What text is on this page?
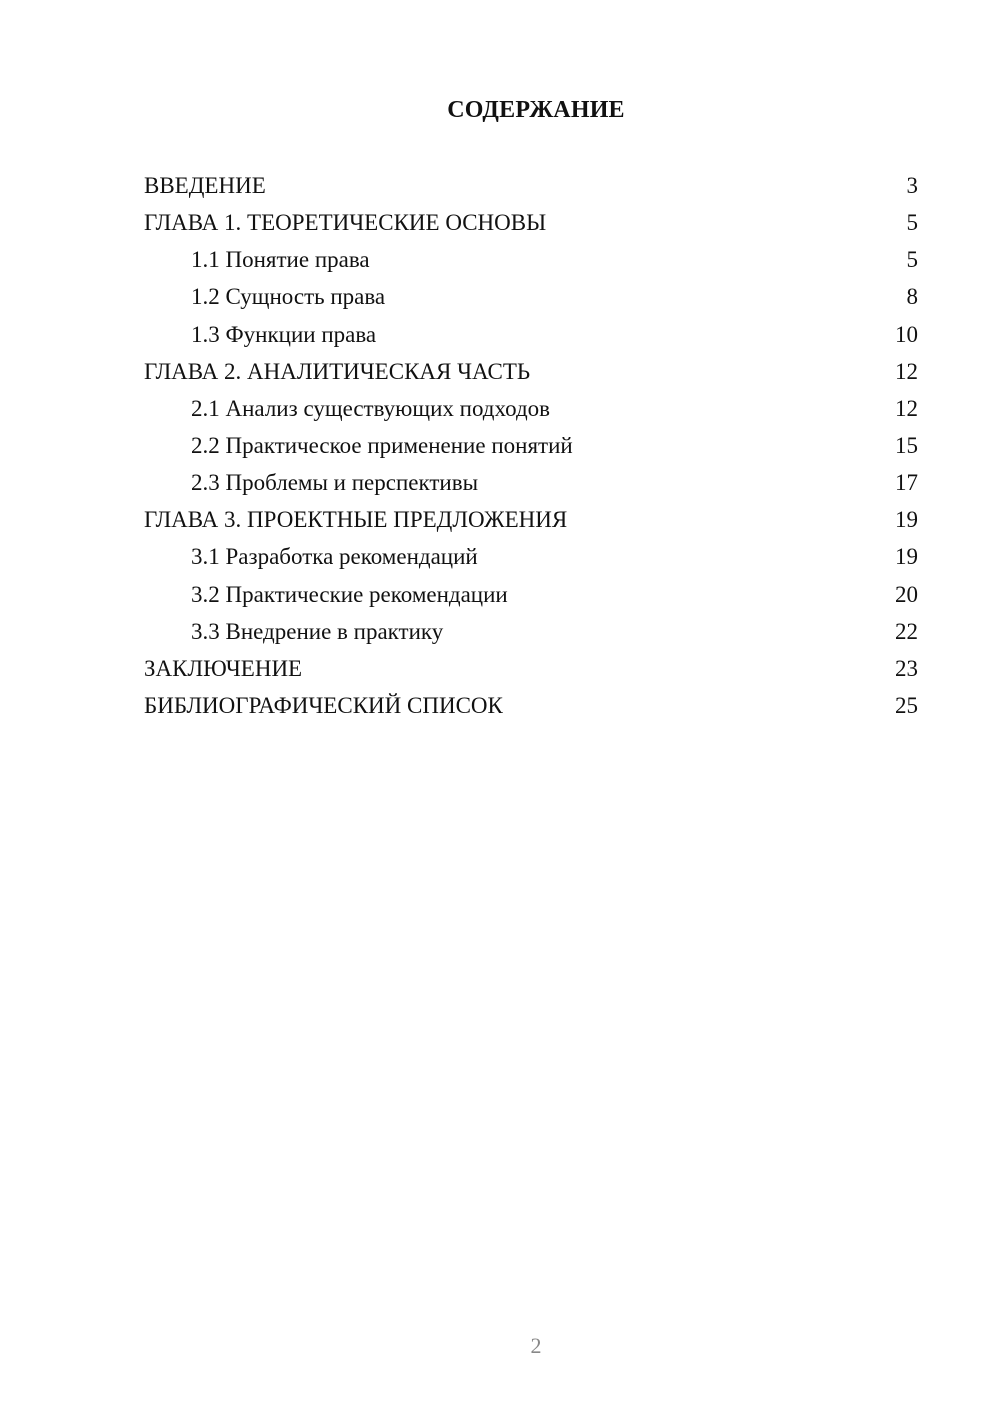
СОДЕРЖАНИЕ
ВВЕДЕНИЕ	3
ГЛАВА 1. ТЕОРЕТИЧЕСКИЕ ОСНОВЫ	5
1.1 Понятие права	5
1.2 Сущность права	8
1.3 Функции права	10
ГЛАВА 2. АНАЛИТИЧЕСКАЯ ЧАСТЬ	12
2.1 Анализ существующих подходов	12
2.2 Практическое применение понятий	15
2.3 Проблемы и перспективы	17
ГЛАВА 3. ПРОЕКТНЫЕ ПРЕДЛОЖЕНИЯ	19
3.1 Разработка рекомендаций	19
3.2 Практические рекомендации	20
3.3 Внедрение в практику	22
ЗАКЛЮЧЕНИЕ	23
БИБЛИОГРАФИЧЕСКИЙ СПИСОК	25
2
